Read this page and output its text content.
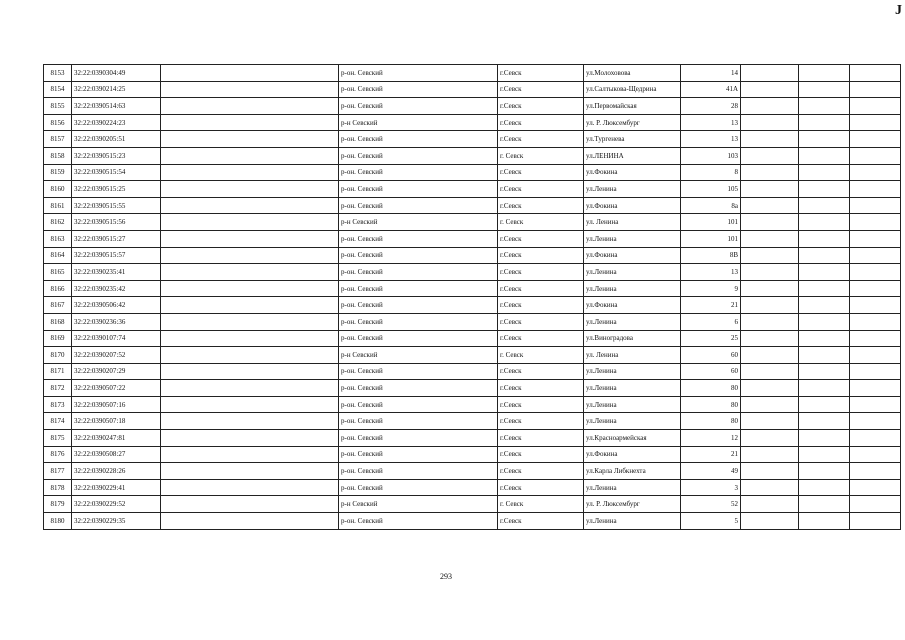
J
8153	32:22:0390304:49		р-он. Севский	г.Севск	ул.Молоховова	14			
8154	32:22:0390214:25		р-он. Севский	г.Севск	ул.Салтыкова-Щедрина	41А			
8155	32:22:0390514:63		р-он. Севский	г.Севск	ул.Первомайская	28			
8156	32:22:0390224:23		р-н Севский	г.Севск	ул. Р. Люксембург	13			
8157	32:22:0390205:51		р-он. Севский	г.Севск	ул.Тургенева	13			
8158	32:22:0390515:23		р-он. Севский	г. Севск	ул.ЛЕНИНА	103			
8159	32:22:0390515:54		р-он. Севский	г.Севск	ул.Фокина	8			
8160	32:22:0390515:25		р-он. Севский	г.Севск	ул.Ленина	105			
8161	32:22:0390515:55		р-он. Севский	г.Севск	ул.Фокина	8а			
8162	32:22:0390515:56		р-н Севский	г. Севск	ул. Ленина	101			
8163	32:22:0390515:27		р-он. Севский	г.Севск	ул.Ленина	101			
8164	32:22:0390515:57		р-он. Севский	г.Севск	ул.Фокина	8В			
8165	32:22:0390235:41		р-он. Севский	г.Севск	ул.Ленина	13			
8166	32:22:0390235:42		р-он. Севский	г.Севск	ул.Ленина	9			
8167	32:22:0390506:42		р-он. Севский	г.Севск	ул.Фокина	21			
8168	32:22:0390236:36		р-он. Севский	г.Севск	ул.Ленина	6			
8169	32:22:0390107:74		р-он. Севский	г.Севск	ул.Виноградова	25			
8170	32:22:0390207:52		р-н Севский	г. Севск	ул. Ленина	60			
8171	32:22:0390207:29		р-он. Севский	г.Севск	ул.Ленина	60			
8172	32:22:0390507:22		р-он. Севский	г.Севск	ул.Ленина	80			
8173	32:22:0390507:16		р-он. Севский	г.Севск	ул.Ленина	80			
8174	32:22:0390507:18		р-он. Севский	г.Севск	ул.Ленина	80			
8175	32:22:0390247:81		р-он. Севский	г.Севск	ул.Красноармейская	12			
8176	32:22:0390508:27		р-он. Севский	г.Севск	ул.Фокина	21			
8177	32:22:0390228:26		р-он. Севский	г.Севск	ул.Карла Либкнехта	49			
8178	32:22:0390229:41		р-он. Севский	г.Севск	ул.Ленина	3			
8179	32:22:0390229:52		р-н Севский	г. Севск	ул. Р. Люксембург	52			
8180	32:22:0390229:35		р-он. Севский	г.Севск	ул.Ленина	5			
293
